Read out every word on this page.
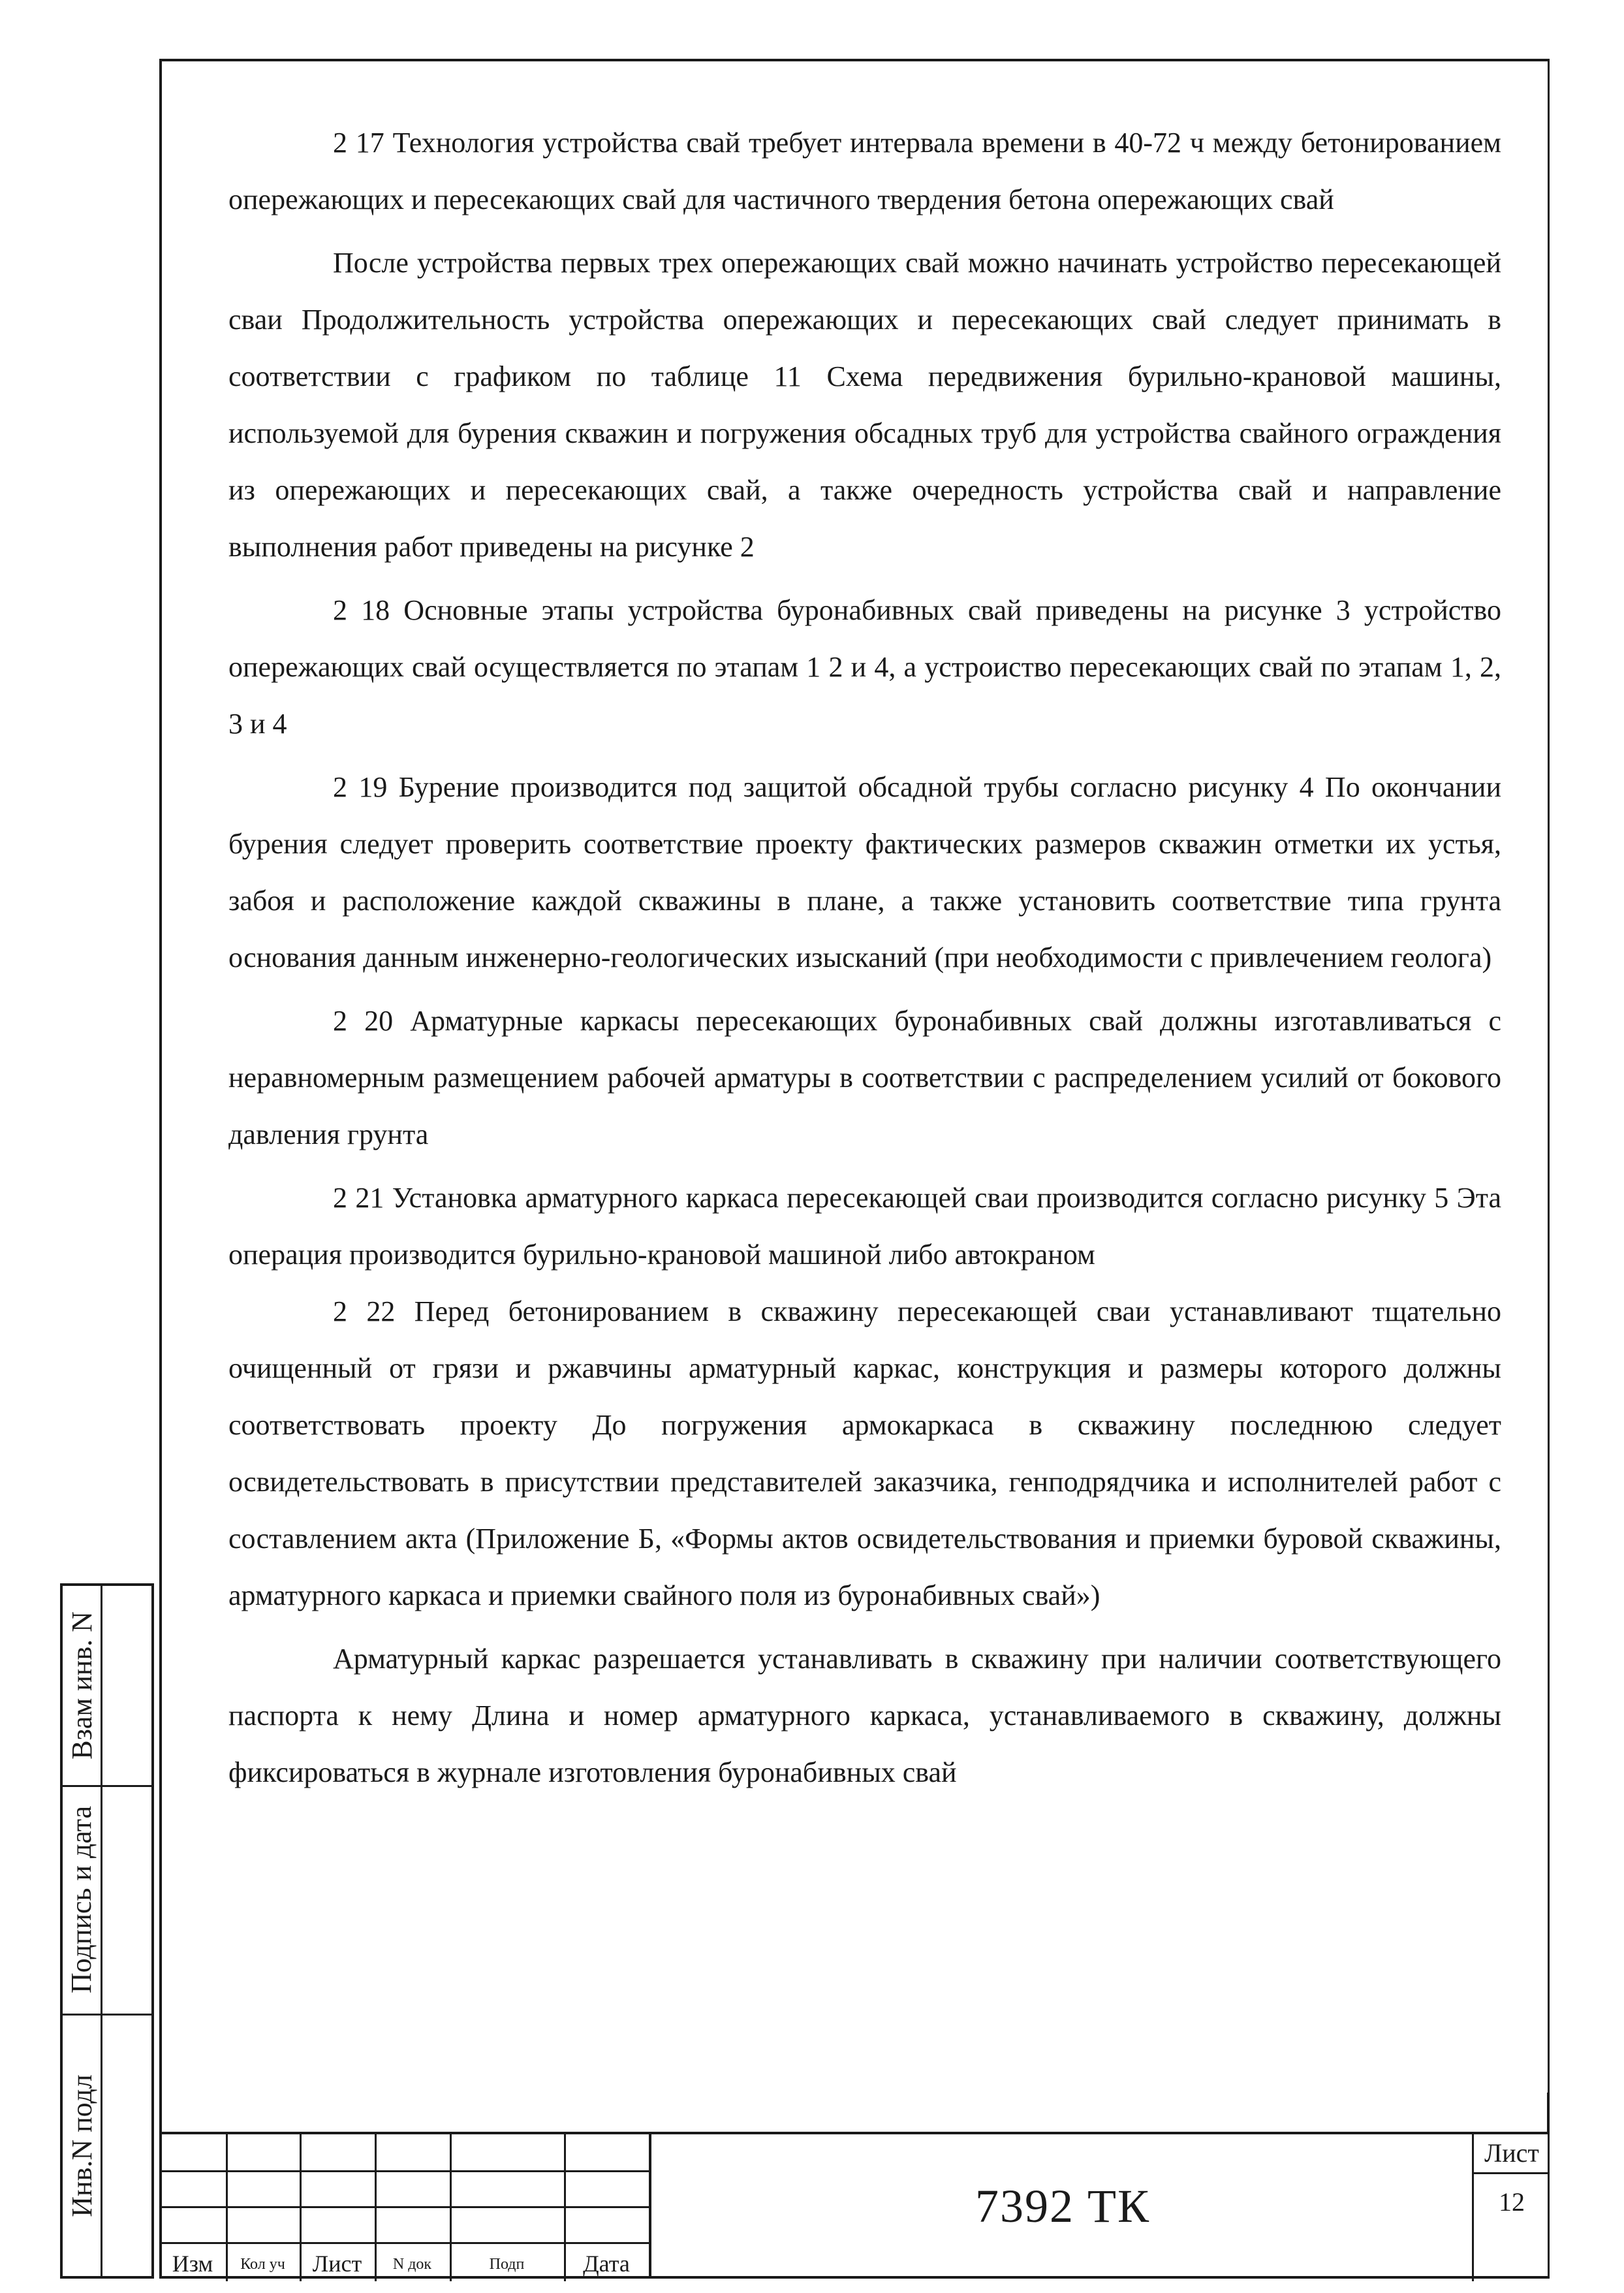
2 17 Технология устройства свай требует интервала времени в 40-72 ч между бетонированием опережающих и пересекающих свай для частичного твердения бетона опережающих свай

После устройства первых трех опережающих свай можно начинать устройство пересекающей сваи Продолжительность устройства опережающих и пересекающих свай следует принимать в соответствии с графиком по таблице 11 Схема передвижения бурильно-крановой машины, используемой для бурения скважин и погружения обсадных труб для устройства свайного ограждения из опережающих и пересекающих свай, а также очередность устройства свай и направление выполнения работ приведены на рисунке 2

2 18 Основные этапы устройства буронабивных свай приведены на рисунке 3 устройство опережающих свай осуществляется по этапам 1 2 и 4, а устроиство пересекающих свай по этапам 1, 2, 3 и 4

2 19 Бурение производится под защитой обсадной трубы согласно рисунку 4 По окончании бурения следует проверить соответствие проекту фактических размеров скважин отметки их устья, забоя и расположение каждой скважины в плане, а также установить соответствие типа грунта основания данным инженерно-геологических изысканий (при необходимости с привлечением геолога)

2 20 Арматурные каркасы пересекающих буронабивных свай должны изготавливаться с неравномерным размещением рабочей арматуры в соответствии с распределением усилий от бокового давления грунта

2 21 Установка арматурного каркаса пересекающей сваи производится согласно рисунку 5 Эта операция производится бурильно-крановой машиной либо автокраном

2 22 Перед бетонированием в скважину пересекающей сваи устанавливают тщательно очищенный от грязи и ржавчины арматурный каркас, конструкция и размеры которого должны соответствовать проекту До погружения армокаркаса в скважину последнюю следует освидетельствовать в присутствии представителей заказчика, генподрядчика и исполнителей работ с составлением акта (Приложение Б, «Формы актов освидетельствования и приемки буровой скважины, арматурного каркаса и приемки свайного поля из буронабивных свай»)

Арматурный каркас разрешается устанавливать в скважину при наличии соответствующего паспорта к нему Длина и номер арматурного каркаса, устанавливаемого в скважину, должны фиксироваться в журнале изготовления буронабивных свай

Взам инв. N
Подпись и дата
Инв.N подл
Изм	Кол уч	Лист	N док	Подп	Дата
7392 ТК
Лист
12
